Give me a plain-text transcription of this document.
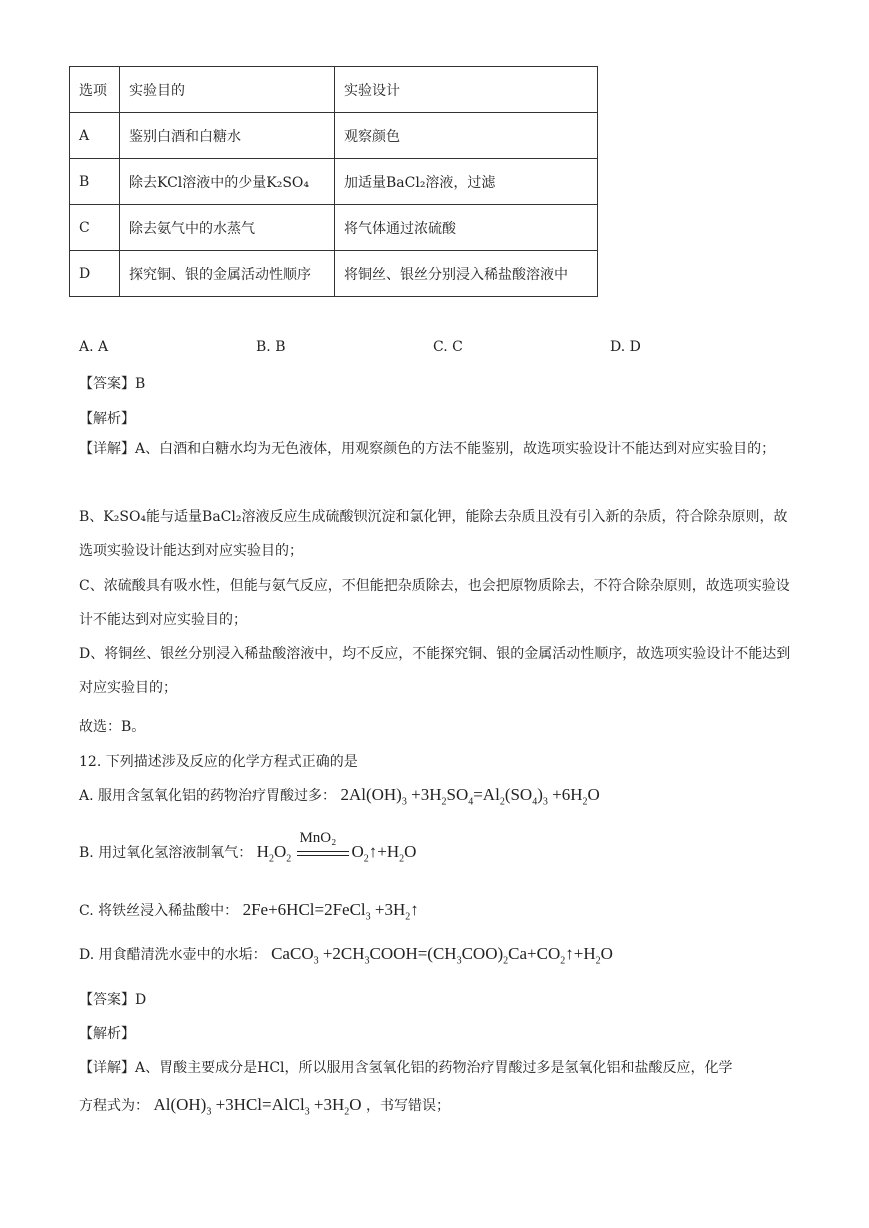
选项	实验目的	实验设计
A	鉴别白酒和白糖水	观察颜色
B	除去KCl溶液中的少量K₂SO₄	加适量BaCl₂溶液，过滤
C	除去氨气中的水蒸气	将气体通过浓硫酸
D	探究铜、银的金属活动性顺序	将铜丝、银丝分别浸入稀盐酸溶液中
A. A	B. B	C. C	D. D
【答案】B
【解析】
【详解】A、白酒和白糖水均为无色液体，用观察颜色的方法不能鉴别，故选项实验设计不能达到对应实验目的；
B、K₂SO₄能与适量BaCl₂溶液反应生成硫酸钡沉淀和氯化钾，能除去杂质且没有引入新的杂质，符合除杂原则，故选项实验设计能达到对应实验目的；
C、浓硫酸具有吸水性，但能与氨气反应，不但能把杂质除去，也会把原物质除去，不符合除杂原则，故选项实验设计不能达到对应实验目的；
D、将铜丝、银丝分别浸入稀盐酸溶液中，均不反应，不能探究铜、银的金属活动性顺序，故选项实验设计不能达到对应实验目的；
故选：B。
12. 下列描述涉及反应的化学方程式正确的是
A. 服用含氢氧化铝的药物治疗胃酸过多： $2Al(OH)_3 +3H_2SO_4=Al_2(SO_4)_3 +6H_2O$
B. 用过氧化氢溶液制氧气： $H_2O_2$
MnO₂
$O_2↑+H_2O$
C. 将铁丝浸入稀盐酸中： 2Fe+6HCl=2FeCl$_3$ $+3H_2↑$
D. 用食醋清洗水壶中的水垢： CaCO$_3$ $+2CH_3COOH=(CH_3COO)_2Ca+CO_2↑+H_2O$
【答案】D
【解析】
【详解】A、胃酸主要成分是HCl，所以服用含氢氧化铝的药物治疗胃酸过多是氢氧化铝和盐酸反应，化学
方程式为： $Al(OH)_3$ +3HCl=AlCl$_3$ $+3H_2O$ ，书写错误；
